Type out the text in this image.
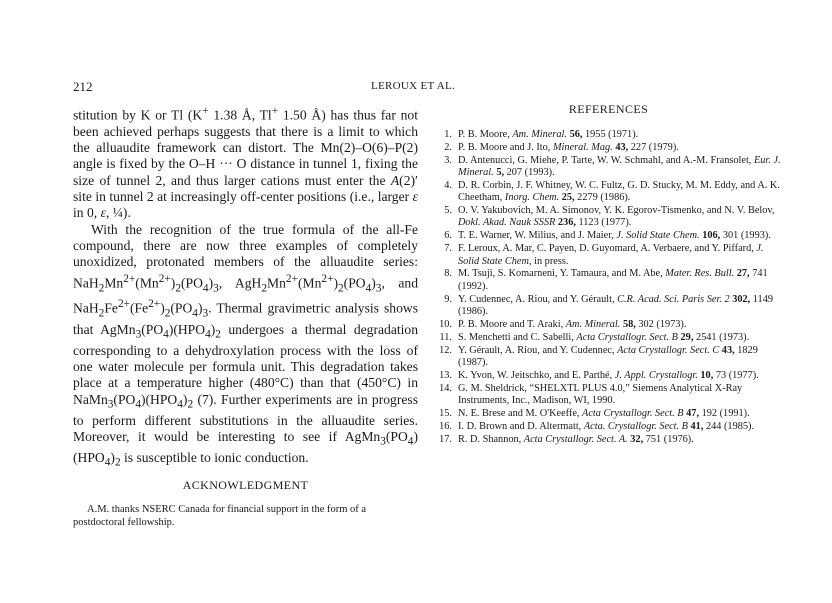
212	LEROUX ET AL.

stitution by K or Tl (K+ 1.38 Å, Tl+ 1.50 Å) has thus far not been achieved perhaps suggests that there is a limit to which the alluaudite framework can distort. The Mn(2)–O(6)–P(2) angle is fixed by the O–H ··· O distance in tunnel 1, fixing the size of tunnel 2, and thus larger cations must enter the A(2)′ site in tunnel 2 at increasingly off-center positions (i.e., larger ε in 0, ε, ¼).

With the recognition of the true formula of the all-Fe compound, there are now three examples of completely unoxidized, protonated members of the alluaudite series: $NaH_2Mn^{2+}(Mn^{2+})_2(PO_4)_3$, $AgH_2Mn^{2+}(Mn^{2+})_2(PO_4)_3$, and $NaH_2Fe^{2+}(Fe^{2+})_2(PO_4)_3$. Thermal gravimetric analysis shows that $AgMn_3(PO_4)(HPO_4)_2$ undergoes a thermal degradation corresponding to a dehydroxylation process with the loss of one water molecule per formula unit. This degradation takes place at a temperature higher (480°C) than that (450°C) in $NaMn_3(PO_4)(HPO_4)_2$ (7). Further experiments are in progress to perform different substitutions in the alluaudite series. Moreover, it would be interesting to see if $AgMn_3(PO_4)(HPO_4)_2$ is susceptible to ionic conduction.

ACKNOWLEDGMENT
A.M. thanks NSERC Canada for financial support in the form of a postdoctoral fellowship.
REFERENCES
1. P. B. Moore, Am. Mineral. 56, 1955 (1971).
2. P. B. Moore and J. Ito, Mineral. Mag. 43, 227 (1979).
3. D. Antenucci, G. Miehe, P. Tarte, W. W. Schmahl, and A.-M. Fransolet, Eur. J. Mineral. 5, 207 (1993).
4. D. R. Corbin, J. F. Whitney, W. C. Fultz, G. D. Stucky, M. M. Eddy, and A. K. Cheetham, Inorg. Chem. 25, 2279 (1986).
5. O. V. Yakubovich, M. A. Simonov, Y. K. Egorov-Tismenko, and N. V. Belov, Dokl. Akad. Nauk SSSR 236, 1123 (1977).
6. T. E. Warner, W. Milius, and J. Maier, J. Solid State Chem. 106, 301 (1993).
7. F. Leroux, A. Mar, C. Payen, D. Guyomard, A. Verbaere, and Y. Piffard, J. Solid State Chem, in press.
8. M. Tsuji, S. Komarneni, Y. Tamaura, and M. Abe, Mater. Res. Bull. 27, 741 (1992).
9. Y. Cudennec, A. Riou, and Y. Gérault, C.R. Acad. Sci. Paris Ser. 2 302, 1149 (1986).
10. P. B. Moore and T. Araki, Am. Mineral. 58, 302 (1973).
11. S. Menchetti and C. Sabelli, Acta Crystallogr. Sect. B 29, 2541 (1973).
12. Y. Gérault, A. Riou, and Y. Cudennec, Acta Crystallogr. Sect. C 43, 1829 (1987).
13. K. Yvon, W. Jeitschko, and E. Parthé, J. Appl. Crystallogr. 10, 73 (1977).
14. G. M. Sheldrick, “SHELXTL PLUS 4.0,” Siemens Analytical X-Ray Instruments, Inc., Madison, WI, 1990.
15. N. E. Brese and M. O'Keeffe, Acta Crystallogr. Sect. B 47, 192 (1991).
16. I. D. Brown and D. Altermatt, Acta. Crystallogr. Sect. B 41, 244 (1985).
17. R. D. Shannon, Acta Crystallogr. Sect. A. 32, 751 (1976).
